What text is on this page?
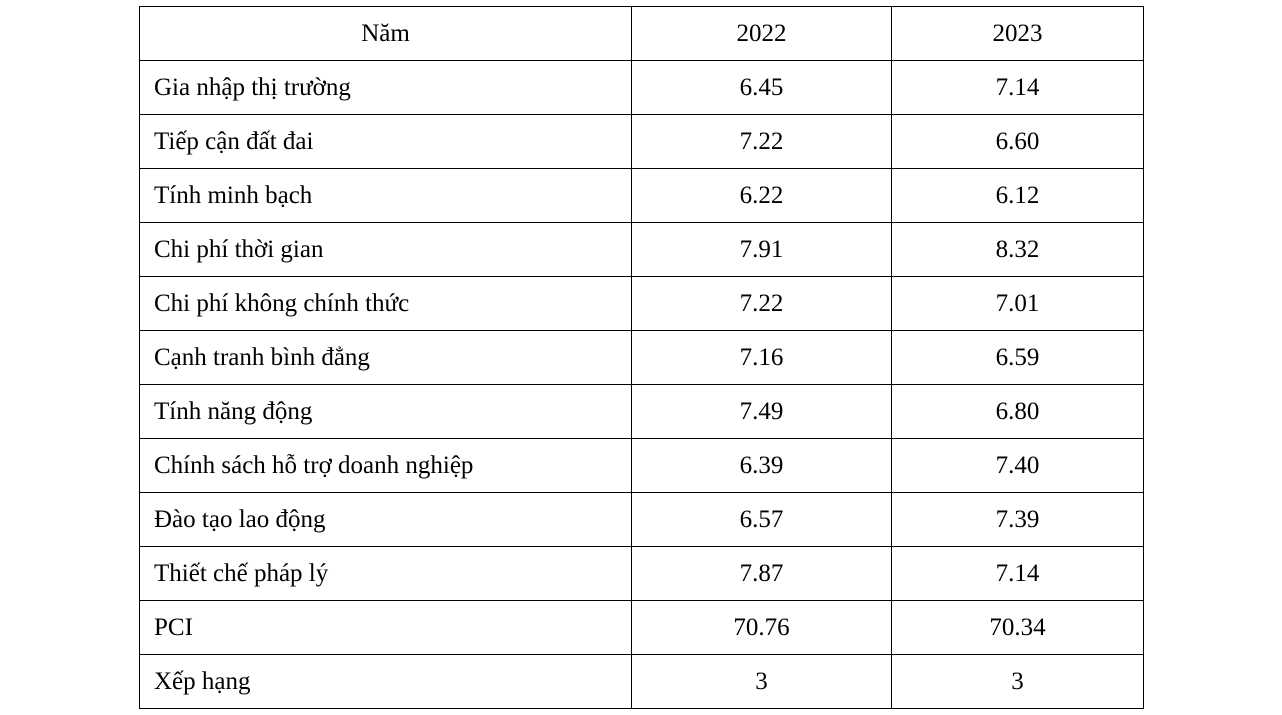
Năm	2022	2023
Gia nhập thị trường	6.45	7.14
Tiếp cận đất đai	7.22	6.60
Tính minh bạch	6.22	6.12
Chi phí thời gian	7.91	8.32
Chi phí không chính thức	7.22	7.01
Cạnh tranh bình đẳng	7.16	6.59
Tính năng động	7.49	6.80
Chính sách hỗ trợ doanh nghiệp	6.39	7.40
Đào tạo lao động	6.57	7.39
Thiết chế pháp lý	7.87	7.14
PCI	70.76	70.34
Xếp hạng	3	3
